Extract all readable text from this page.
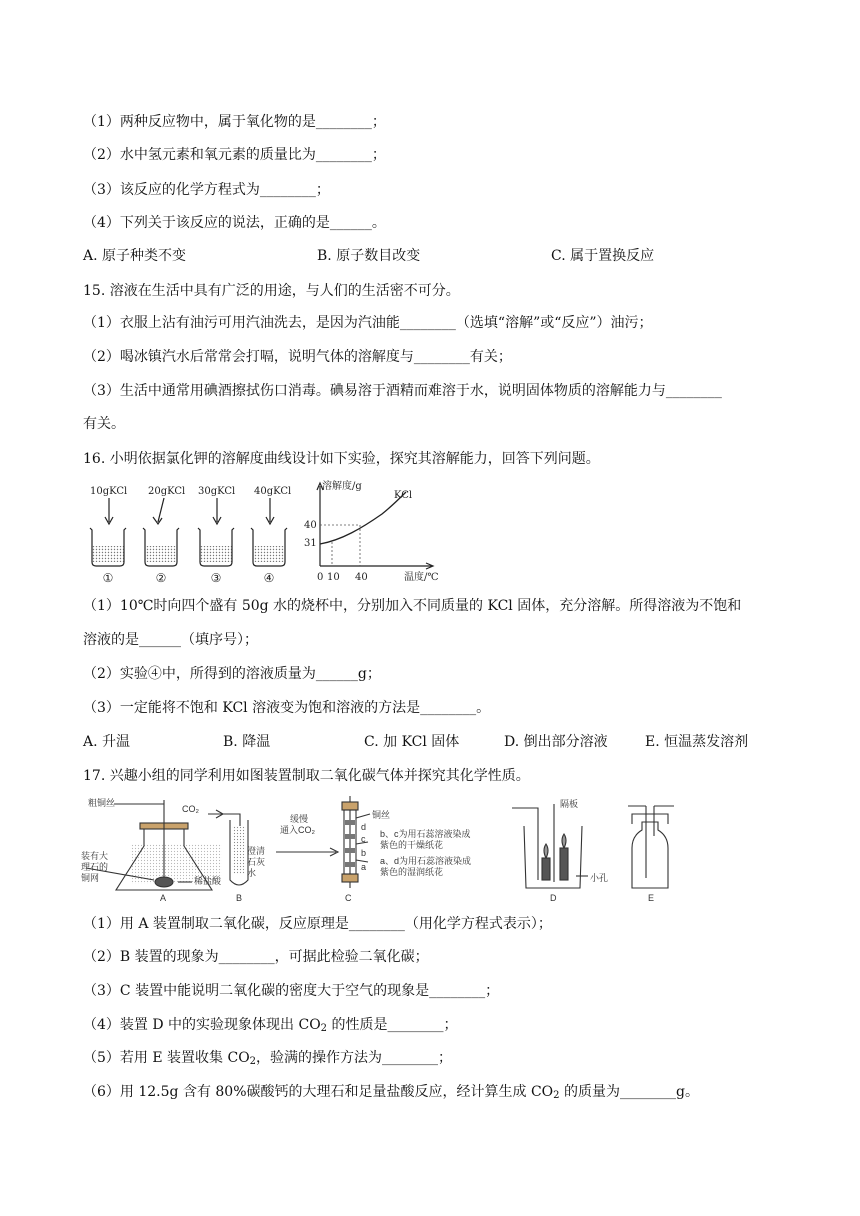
（1）两种反应物中，属于氧化物的是________；
（2）水中氢元素和氧元素的质量比为________；
（3）该反应的化学方程式为________；
（4）下列关于该反应的说法，正确的是______。
A. 原子种类不变	B. 原子数目改变	C. 属于置换反应
15. 溶液在生活中具有广泛的用途，与人们的生活密不可分。
（1）衣服上沾有油污可用汽油洗去，是因为汽油能________（选填“溶解”或“反应”）油污；
（2）喝冰镇汽水后常常会打嗝，说明气体的溶解度与________有关；
（3）生活中通常用碘酒擦拭伤口消毒。碘易溶于酒精而难溶于水，说明固体物质的溶解能力与________
有关。
16. 小明依据氯化钾的溶解度曲线设计如下实验，探究其溶解能力，回答下列问题。
10gKCl 20gKCl 30gKCl 40gKCl
①	②	③	④
溶解度/g
KCl
40
31
0 10 40	温度/℃
（1）10℃时向四个盛有 50g 水的烧杯中，分别加入不同质量的 KCl 固体，充分溶解。所得溶液为不饱和
溶液的是______（填序号）；
（2）实验④中，所得到的溶液质量为______g；
（3）一定能将不饱和 KCl 溶液变为饱和溶液的方法是________。
A. 升温	B. 降温	C. 加 KCl 固体	D. 倒出部分溶液	E. 恒温蒸发溶剂
17. 兴趣小组的同学利用如图装置制取二氧化碳气体并探究其化学性质。
粗铜丝
装有大
理石的
铜网	稀盐酸
A
CO₂
澄清
石灰
水
B
缓慢
通入CO₂
铜丝
d
c
b
a
b、c为用石蕊溶液染成
紫色的干燥纸花
a、d为用石蕊溶液染成
紫色的湿润纸花
C
隔板
小孔
D	E
（1）用 A 装置制取二氧化碳，反应原理是________（用化学方程式表示）；
（2）B 装置的现象为________，可据此检验二氧化碳；
（3）C 装置中能说明二氧化碳的密度大于空气的现象是________；
（4）装置 D 中的实验现象体现出 $CO_2$ 的性质是________；
（5）若用 E 装置收集 $CO_2$，验满的操作方法为________；
（6）用 12.5g 含有 80%碳酸钙的大理石和足量盐酸反应，经计算生成 $CO_2$ 的质量为________g。
